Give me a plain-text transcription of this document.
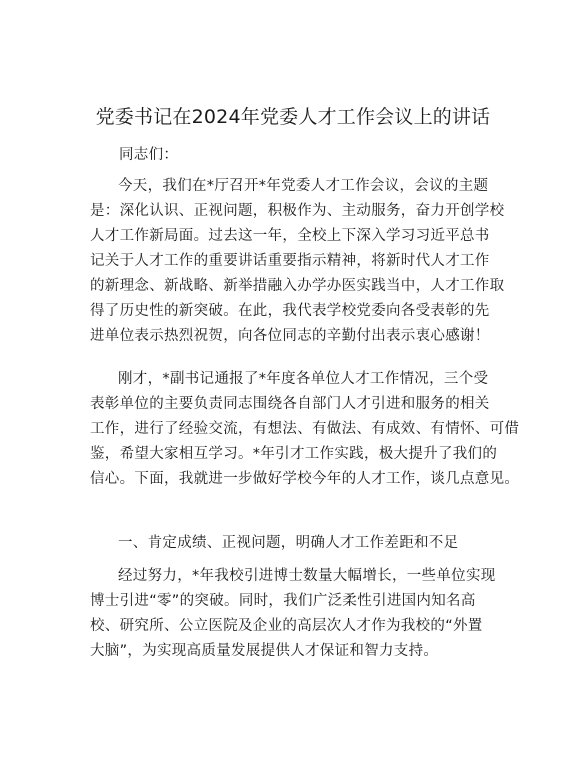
党委书记在2024年党委人才工作会议上的讲话
同志们：
今天，我们在*厅召开*年党委人才工作会议，会议的主题
是：深化认识、正视问题，积极作为、主动服务，奋力开创学校
人才工作新局面。过去这一年，全校上下深入学习习近平总书
记关于人才工作的重要讲话重要指示精神，将新时代人才工作
的新理念、新战略、新举措融入办学办医实践当中，人才工作取
得了历史性的新突破。在此，我代表学校党委向各受表彰的先
进单位表示热烈祝贺，向各位同志的辛勤付出表示衷心感谢！
刚才，*副书记通报了*年度各单位人才工作情况，三个受
表彰单位的主要负责同志围绕各自部门人才引进和服务的相关
工作，进行了经验交流，有想法、有做法、有成效、有情怀、可借
鉴，希望大家相互学习。*年引才工作实践，极大提升了我们的
信心。下面，我就进一步做好学校今年的人才工作，谈几点意见。
一、肯定成绩、正视问题，明确人才工作差距和不足
经过努力，*年我校引进博士数量大幅增长，一些单位实现
博士引进“零”的突破。同时，我们广泛柔性引进国内知名高
校、研究所、公立医院及企业的高层次人才作为我校的“外置
大脑”，为实现高质量发展提供人才保证和智力支持。
